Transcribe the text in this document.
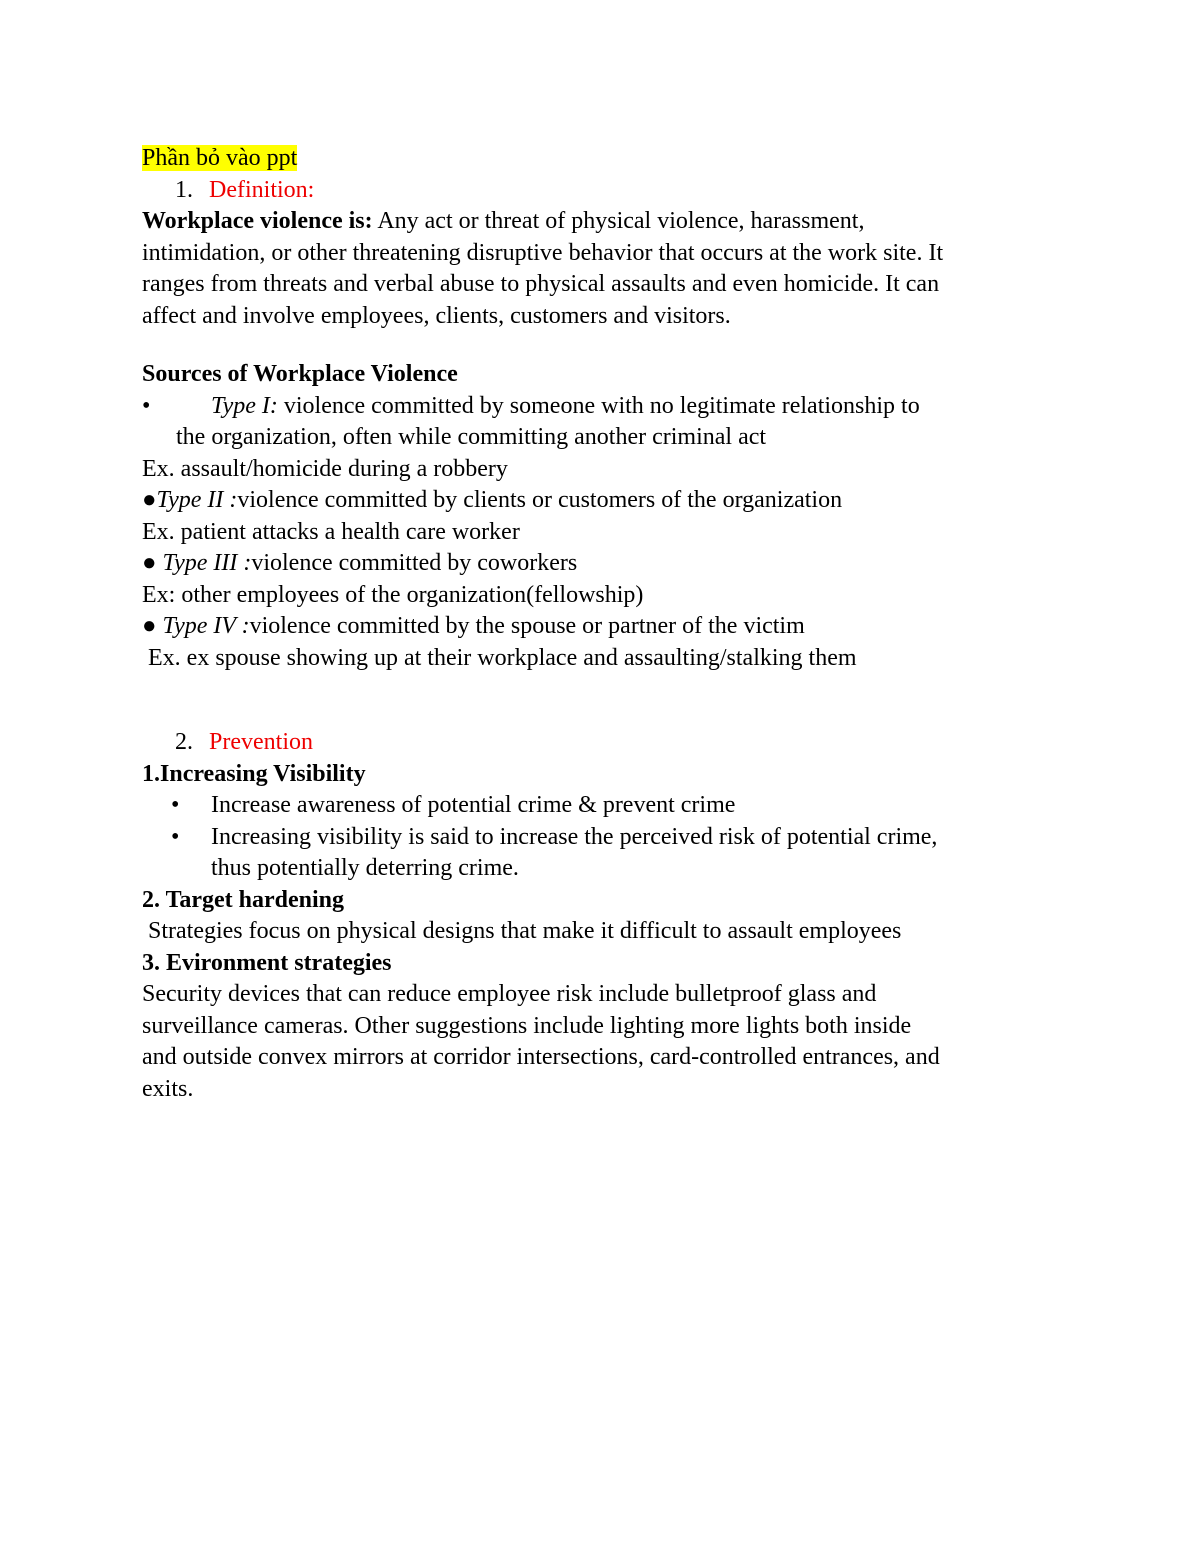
Phần bỏ vào ppt
1. Definition:
Workplace violence is: Any act or threat of physical violence, harassment,
intimidation, or other threatening disruptive behavior that occurs at the work site. It
ranges from threats and verbal abuse to physical assaults and even homicide. It can
affect and involve employees, clients, customers and visitors.
Sources of Workplace Violence
•	Type I: violence committed by someone with no legitimate relationship to
the organization, often while committing another criminal act
Ex. assault/homicide during a robbery
●Type II :violence committed by clients or customers of the organization
Ex. patient attacks a health care worker
● Type III :violence committed by coworkers
Ex: other employees of the organization(fellowship)
● Type IV :violence committed by the spouse or partner of the victim
Ex. ex spouse showing up at their workplace and assaulting/stalking them
2. Prevention
1.Increasing Visibility
•	Increase awareness of potential crime & prevent crime
•	Increasing visibility is said to increase the perceived risk of potential crime,
thus potentially deterring crime.
2. Target hardening
Strategies focus on physical designs that make it difficult to assault employees
3. Evironment strategies
Security devices that can reduce employee risk include bulletproof glass and
surveillance cameras. Other suggestions include lighting more lights both inside
and outside convex mirrors at corridor intersections, card-controlled entrances, and
exits.
